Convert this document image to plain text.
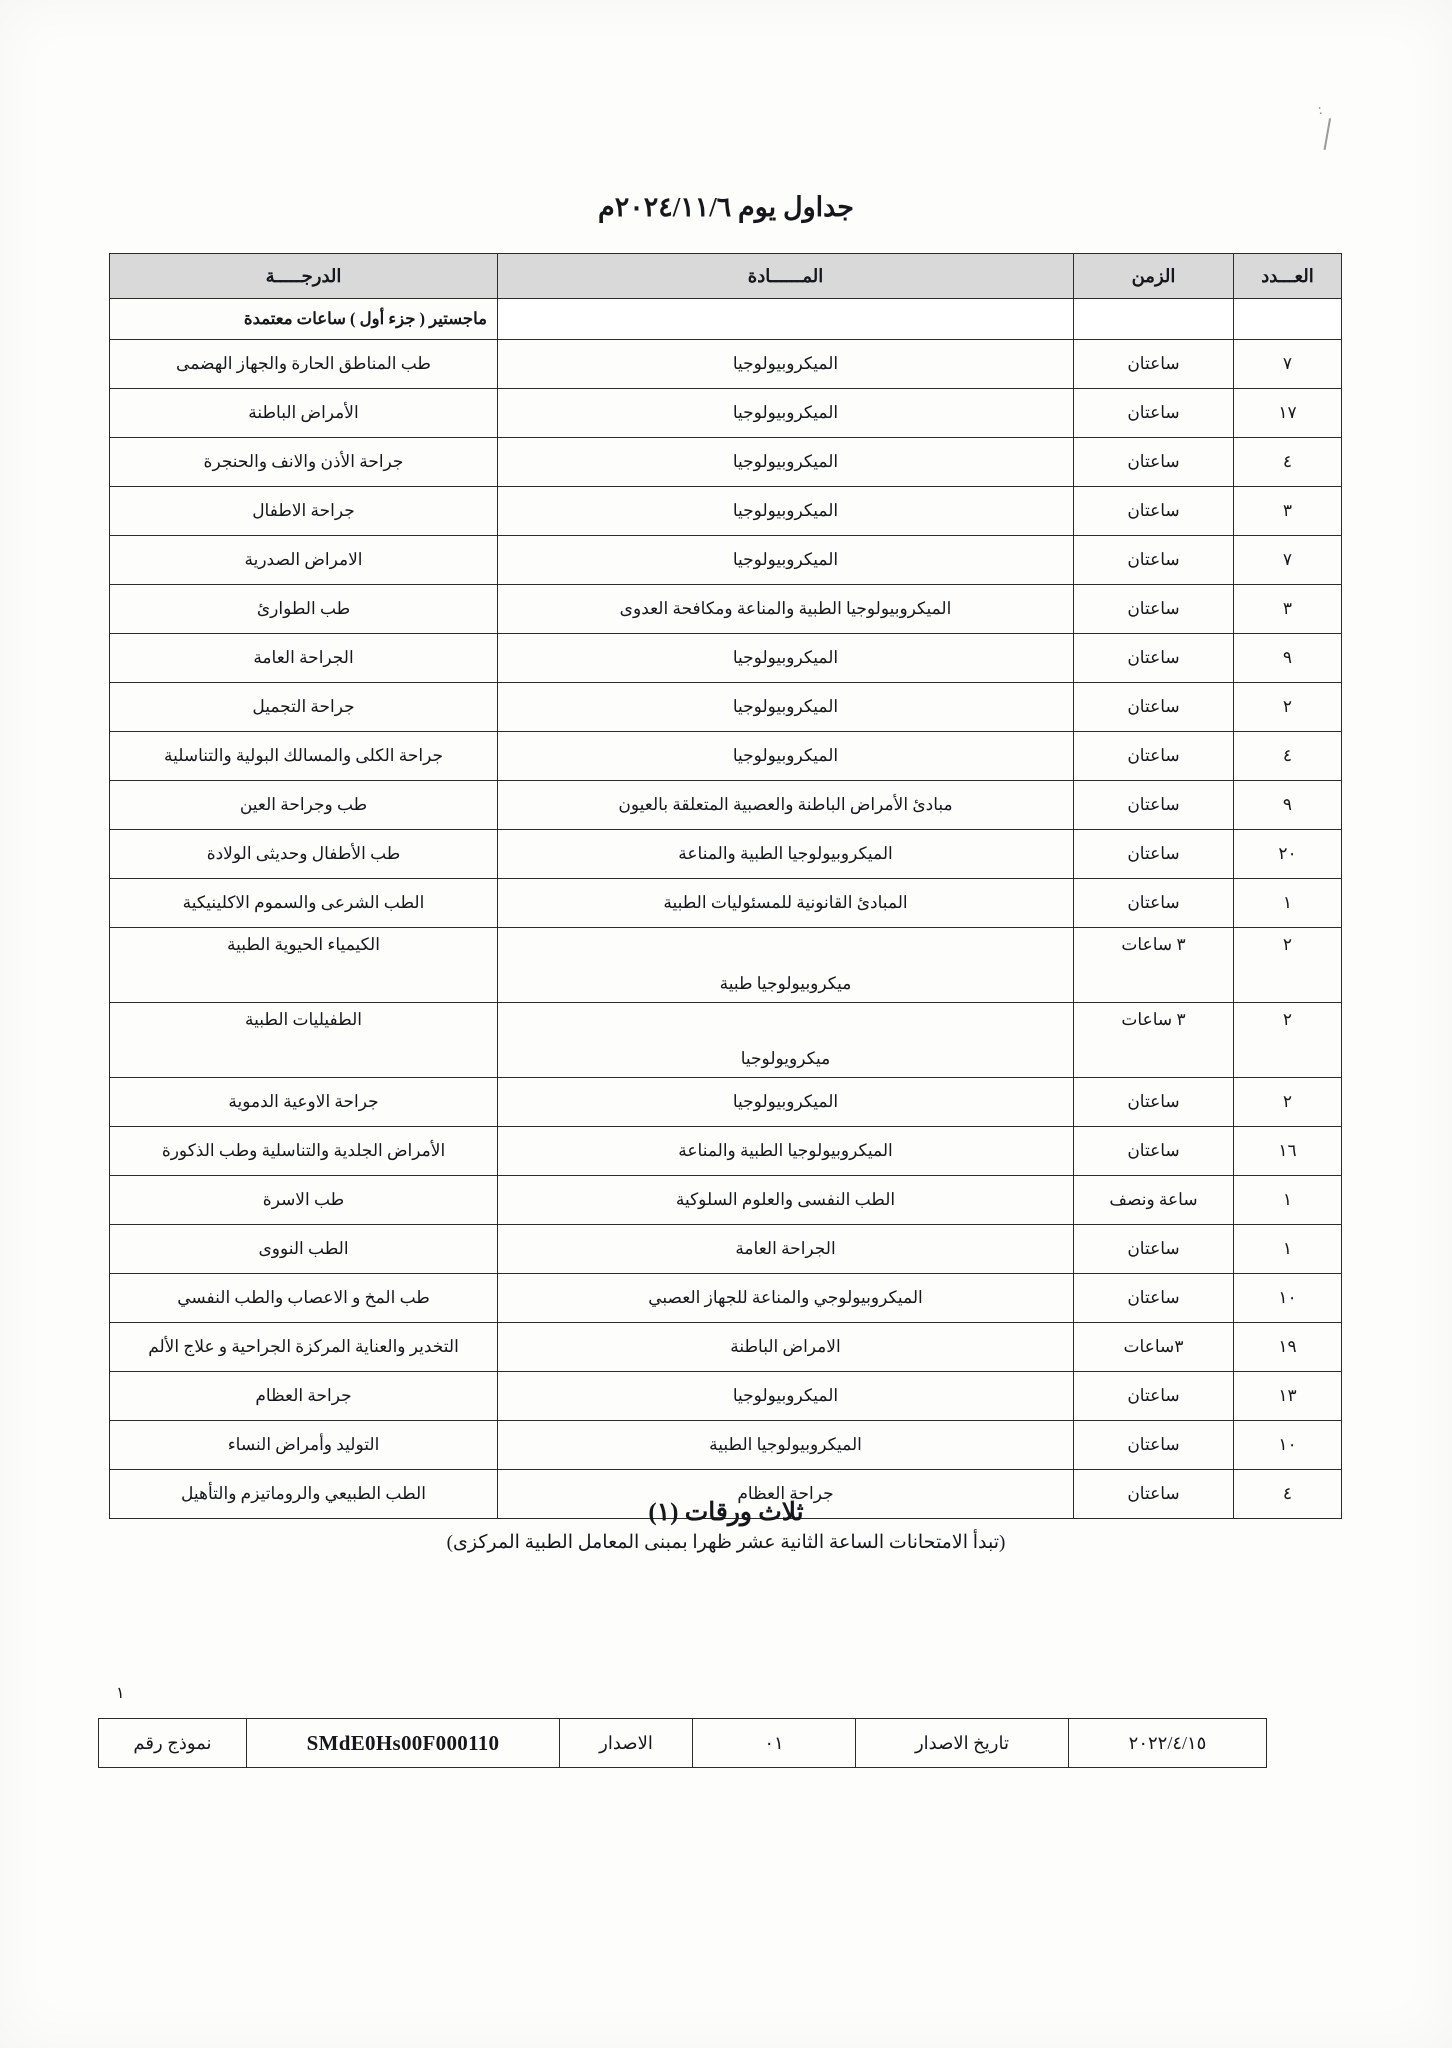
:
جداول يوم ٢٠٢٤/١١/٦م
العـــدد	الزمن	المــــــادة	الدرجـــــة
			ماجستير ( جزء أول ) ساعات معتمدة
٧	ساعتان	الميكروبيولوجيا	طب المناطق الحارة والجهاز الهضمى
١٧	ساعتان	الميكروبيولوجيا	الأمراض الباطنة
٤	ساعتان	الميكروبيولوجيا	جراحة الأذن والانف والحنجرة
٣	ساعتان	الميكروبيولوجيا	جراحة الاطفال
٧	ساعتان	الميكروبيولوجيا	الامراض الصدرية
٣	ساعتان	الميكروبيولوجيا الطبية والمناعة ومكافحة العدوى	طب الطوارئ
٩	ساعتان	الميكروبيولوجيا	الجراحة العامة
٢	ساعتان	الميكروبيولوجيا	جراحة التجميل
٤	ساعتان	الميكروبيولوجيا	جراحة الكلى والمسالك البولية والتناسلية
٩	ساعتان	مبادئ الأمراض الباطنة والعصبية المتعلقة بالعيون	طب وجراحة العين
٢٠	ساعتان	الميكروبيولوجيا الطبية والمناعة	طب الأطفال وحديثى الولادة
١	ساعتان	المبادئ القانونية للمسئوليات الطبية	الطب الشرعى والسموم الاكلينيكية
٢	٣ ساعات	ميكروبيولوجيا طبية	الكيمياء الحيوية الطبية
٢	٣ ساعات	ميكرويولوجيا	الطفيليات الطبية
٢	ساعتان	الميكروبيولوجيا	جراحة الاوعية الدموية
١٦	ساعتان	الميكروبيولوجيا الطبية والمناعة	الأمراض الجلدية والتناسلية وطب الذكورة
١	ساعة ونصف	الطب النفسى والعلوم السلوكية	طب الاسرة
١	ساعتان	الجراحة العامة	الطب النووى
١٠	ساعتان	الميكروبيولوجي والمناعة للجهاز العصبي	طب المخ و الاعصاب والطب النفسي
١٩	٣ساعات	الامراض الباطنة	التخدير والعناية المركزة الجراحية و علاج الألم
١٣	ساعتان	الميكروبيولوجيا	جراحة العظام
١٠	ساعتان	الميكروبيولوجيا الطبية	التوليد وأمراض النساء
٤	ساعتان	جراحة العظام	الطب الطبيعي والروماتيزم والتأهيل
ثلاث ورقات (١)
(تبدأ الامتحانات الساعة الثانية عشر ظهرا بمبنى المعامل الطبية المركزى)
١
٢٠٢٢/٤/١٥	تاريخ الاصدار	٠١	الاصدار	SMdE0Hs00F000110	نموذج رقم
